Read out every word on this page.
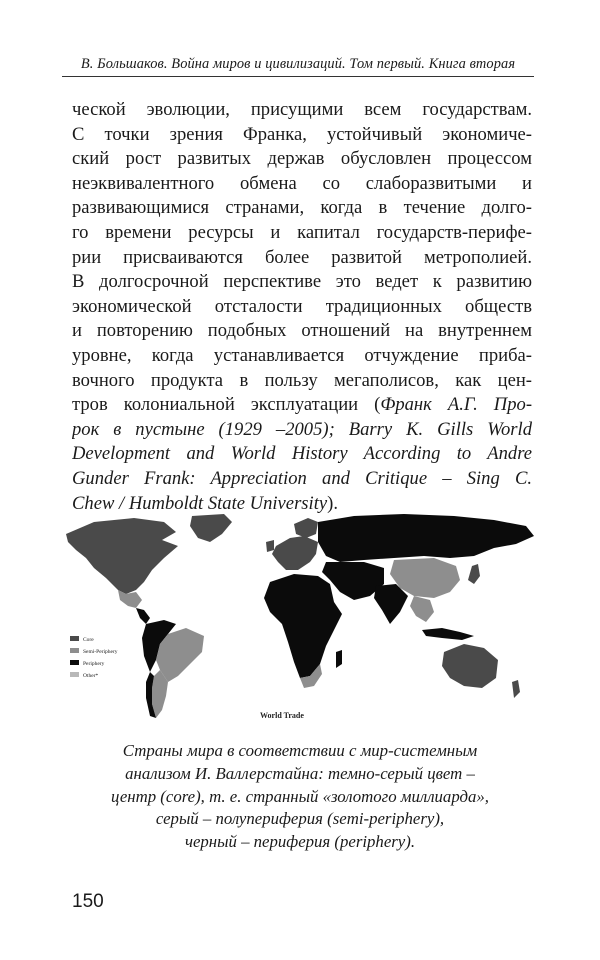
В. Большаков. Война миров и цивилизаций. Том первый. Книга вторая
ческой эволюции, присущими всем государствам.
С точки зрения Франка, устойчивый экономиче-
ский рост развитых держав обусловлен процессом
неэквивалентного обмена со слаборазвитыми и
развивающимися странами, когда в течение долго-
го времени ресурсы и капитал государств-перифе-
рии присваиваются более развитой метрополией.
В долгосрочной перспективе это ведет к развитию
экономической отсталости традиционных обществ
и повторению подобных отношений на внутреннем
уровне, когда устанавливается отчуждение приба-
вочного продукта в пользу мегаполисов, как цен-
тров колониальной эксплуатации (Франк А.Г. Про-
рок в пустыне (1929 –2005); Barry K. Gills World
Development and World History According to Andre
Gunder Frank: Appreciation and Critique – Sing C.
Chew / Humboldt State University).
Core
Semi-Periphery
Periphery
Other*
World Trade
Страны мира в соответствии с мир-системным
анализом И. Валлерстайна: темно-серый цвет –
центр (core), т. е. странный «золотого миллиарда»,
серый – полупериферия (semi-periphery),
черный – периферия (periphery).
150
